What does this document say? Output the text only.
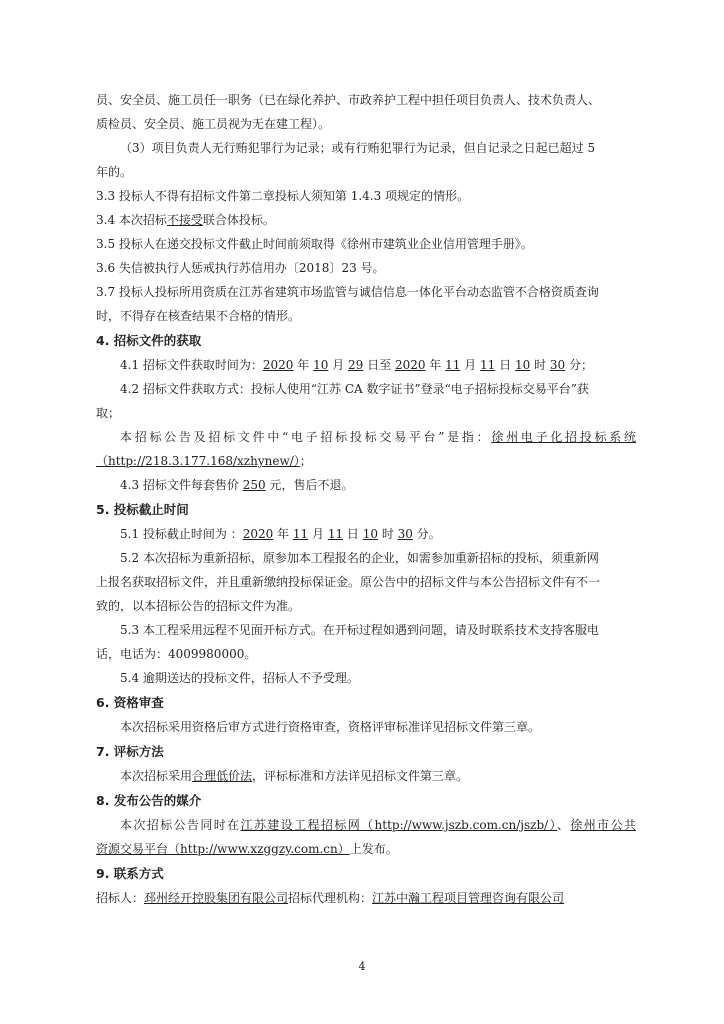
员、安全员、施工员任一职务（已在绿化养护、市政养护工程中担任项目负责人、技术负责人、
质检员、安全员、施工员视为无在建工程）。
（3）项目负责人无行贿犯罪行为记录；或有行贿犯罪行为记录，但自记录之日起已超过 5
年的。
3.3 投标人不得有招标文件第二章投标人须知第 1.4.3 项规定的情形。
3.4 本次招标不接受联合体投标。
3.5 投标人在递交投标文件截止时间前须取得《徐州市建筑业企业信用管理手册》。
3.6 失信被执行人惩戒执行苏信用办〔2018〕23 号。
3.7 投标人投标所用资质在江苏省建筑市场监管与诚信信息一体化平台动态监管不合格资质查询
时，不得存在核查结果不合格的情形。
4. 招标文件的获取
4.1 招标文件获取时间为：2020 年 10 月 29 日至 2020 年 11 月 11 日 10 时 30 分；
4.2 招标文件获取方式：投标人使用“江苏 CA 数字证书”登录“电子招标投标交易平台”获
取；
本招标公告及招标文件中“电子招标投标交易平台”是指：徐州电子化招投标系统
（http://218.3.177.168/xzhynew/）；
4.3 招标文件每套售价 250 元，售后不退。
5. 投标截止时间
5.1 投标截止时间为 ：2020 年 11 月 11 日 10 时 30 分。
5.2 本次招标为重新招标，原参加本工程报名的企业，如需参加重新招标的投标，须重新网
上报名获取招标文件，并且重新缴纳投标保证金。原公告中的招标文件与本公告招标文件有不一
致的，以本招标公告的招标文件为准。
5.3 本工程采用远程不见面开标方式。在开标过程如遇到问题，请及时联系技术支持客服电
话，电话为：4009980000。
5.4 逾期送达的投标文件，招标人不予受理。
6. 资格审查
本次招标采用资格后审方式进行资格审查，资格评审标准详见招标文件第三章。
7. 评标方法
本次招标采用合理低价法，评标标准和方法详见招标文件第三章。
8. 发布公告的媒介
本次招标公告同时在江苏建设工程招标网（http://www.jszb.com.cn/jszb/）、徐州市公共
资源交易平台（http://www.xzggzy.com.cn）上发布。
9. 联系方式
招标人：邳州经开控股集团有限公司招标代理机构：江苏中瀚工程项目管理咨询有限公司
4
